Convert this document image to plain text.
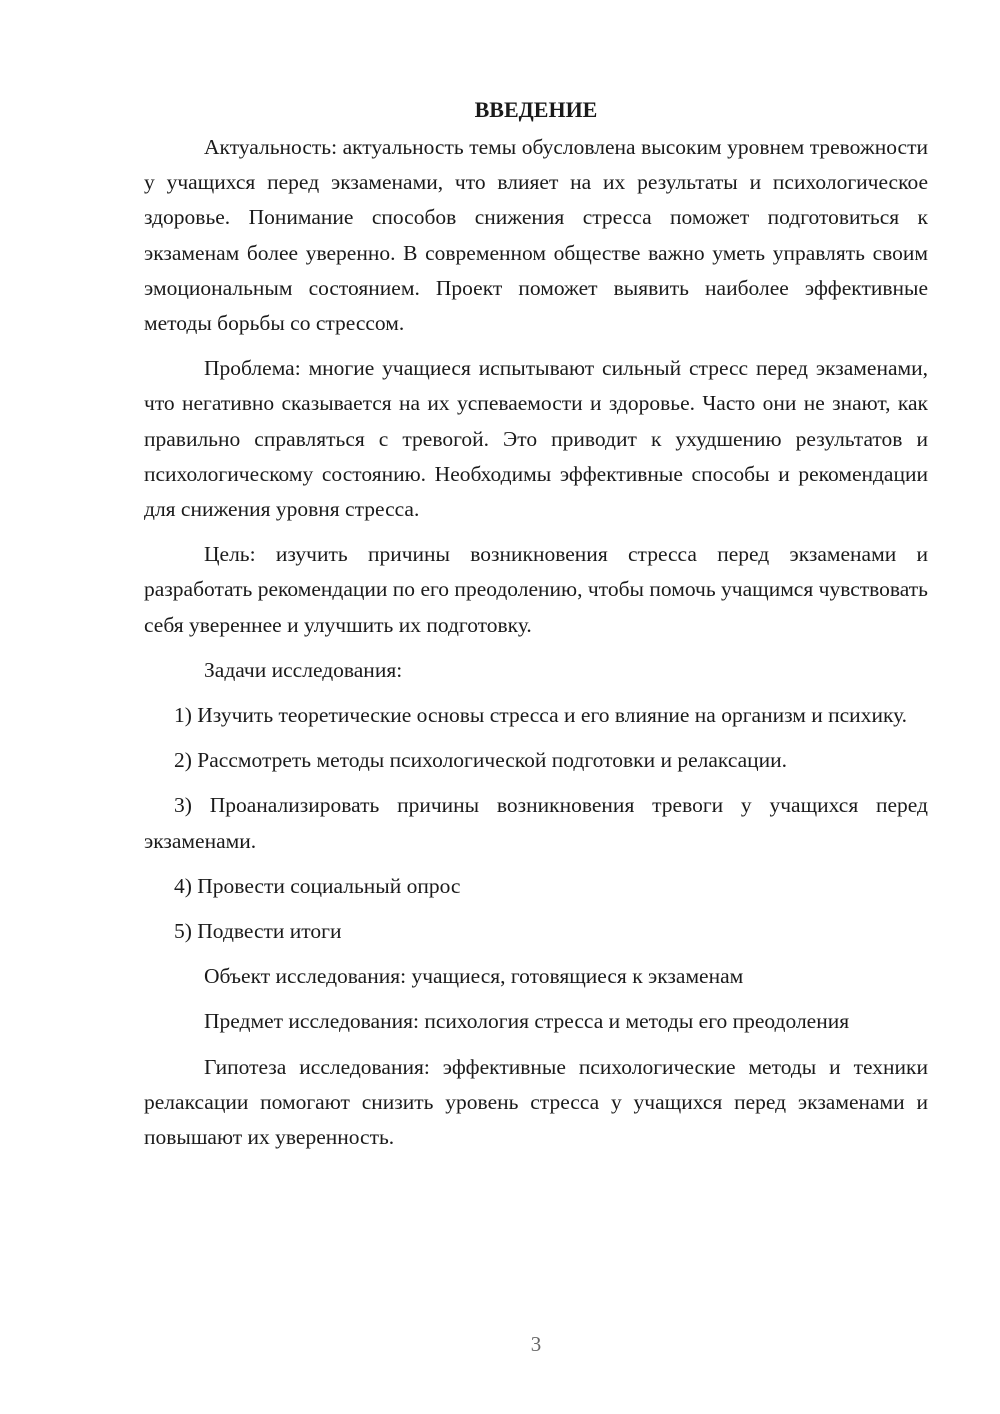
ВВЕДЕНИЕ

Актуальность: актуальность темы обусловлена высоким уровнем тревожности у учащихся перед экзаменами, что влияет на их результаты и психологическое здоровье. Понимание способов снижения стресса поможет подготовиться к экзаменам более уверенно. В современном обществе важно уметь управлять своим эмоциональным состоянием. Проект поможет выявить наиболее эффективные методы борьбы со стрессом.

Проблема: многие учащиеся испытывают сильный стресс перед экзаменами, что негативно сказывается на их успеваемости и здоровье. Часто они не знают, как правильно справляться с тревогой. Это приводит к ухудшению результатов и психологическому состоянию. Необходимы эффективные способы и рекомендации для снижения уровня стресса.

Цель: изучить причины возникновения стресса перед экзаменами и разработать рекомендации по его преодолению, чтобы помочь учащимся чувствовать себя увереннее и улучшить их подготовку.

Задачи исследования:

1) Изучить теоретические основы стресса и его влияние на организм и психику.

2) Рассмотреть методы психологической подготовки и релаксации.

3) Проанализировать причины возникновения тревоги у учащихся перед экзаменами.

4) Провести социальный опрос

5) Подвести итоги

Объект исследования: учащиеся, готовящиеся к экзаменам

Предмет исследования: психология стресса и методы его преодоления

Гипотеза исследования: эффективные психологические методы и техники релаксации помогают снизить уровень стресса у учащихся перед экзаменами и повышают их уверенность.

3
